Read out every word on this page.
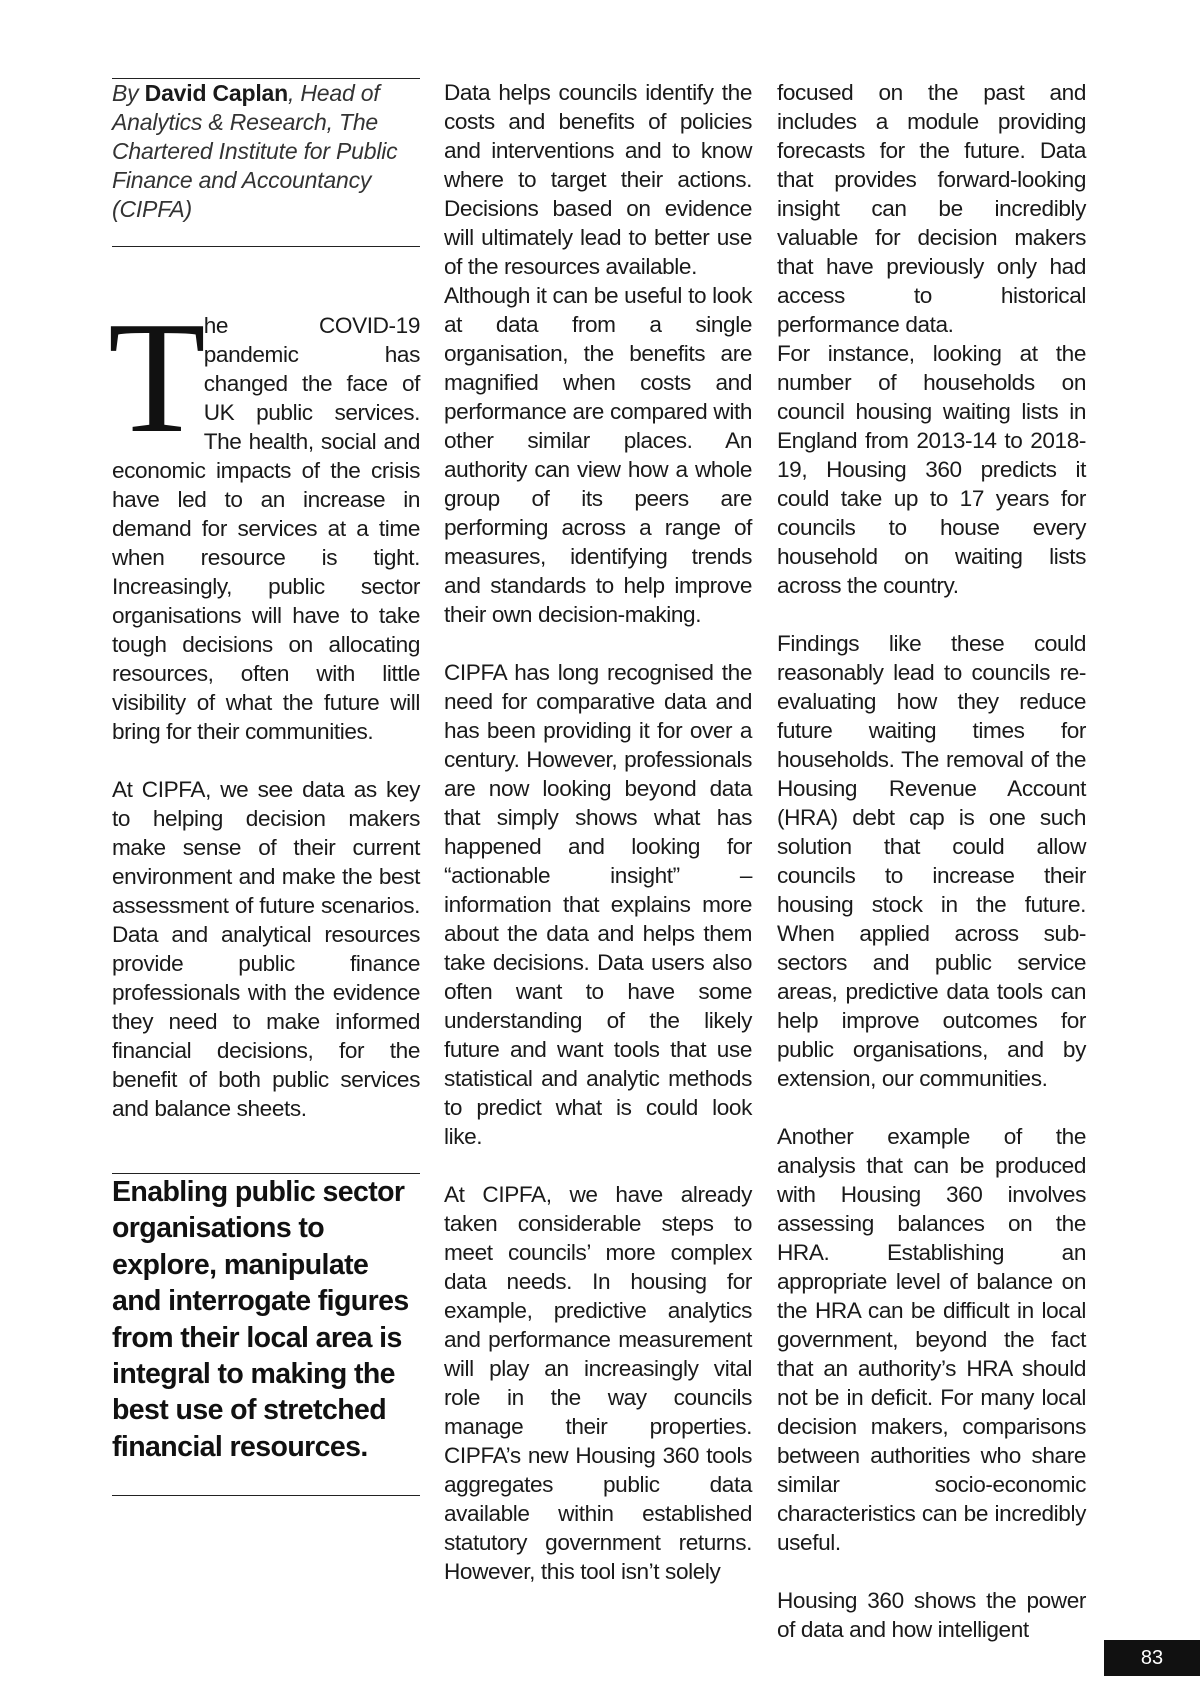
By David Caplan, Head of Analytics & Research, The Chartered Institute for Public Finance and Accountancy (CIPFA)

T he COVID-19 pandemic has changed the face of UK public services. The health, social and economic impacts of the crisis have led to an increase in demand for services at a time when resource is tight. Increasingly, public sector organisations will have to take tough decisions on allocating resources, often with little visibility of what the future will bring for their communities.

At CIPFA, we see data as key to helping decision makers make sense of their current environment and make the best assessment of future scenarios. Data and analytical resources provide public finance professionals with the evidence they need to make informed financial decisions, for the benefit of both public services and balance sheets.

Enabling public sector organisations to explore, manipulate and interrogate figures from their local area is integral to making the best use of stretched financial resources.

Data helps councils identify the costs and benefits of policies and interventions and to know where to target their actions. Decisions based on evidence will ultimately lead to better use of the resources available.

Although it can be useful to look at data from a single organisation, the benefits are magnified when costs and performance are compared with other similar places. An authority can view how a whole group of its peers are performing across a range of measures, identifying trends and standards to help improve their own decision-making.

CIPFA has long recognised the need for comparative data and has been providing it for over a century. However, professionals are now looking beyond data that simply shows what has happened and looking for “actionable insight” – information that explains more about the data and helps them take decisions. Data users also often want to have some understanding of the likely future and want tools that use statistical and analytic methods to predict what is could look like.

At CIPFA, we have already taken considerable steps to meet councils’ more complex data needs. In housing for example, predictive analytics and performance measurement will play an increasingly vital role in the way councils manage their properties. CIPFA’s new Housing 360 tools aggregates public data available within established statutory government returns. However, this tool isn’t solely

focused on the past and includes a module providing forecasts for the future. Data that provides forward-looking insight can be incredibly valuable for decision makers that have previously only had access to historical performance data.

For instance, looking at the number of households on council housing waiting lists in England from 2013-14 to 2018-19, Housing 360 predicts it could take up to 17 years for councils to house every household on waiting lists across the country.

Findings like these could reasonably lead to councils re-evaluating how they reduce future waiting times for households. The removal of the Housing Revenue Account (HRA) debt cap is one such solution that could allow councils to increase their housing stock in the future. When applied across sub-sectors and public service areas, predictive data tools can help improve outcomes for public organisations, and by extension, our communities.

Another example of the analysis that can be produced with Housing 360 involves assessing balances on the HRA. Establishing an appropriate level of balance on the HRA can be difficult in local government, beyond the fact that an authority’s HRA should not be in deficit. For many local decision makers, comparisons between authorities who share similar socio-economic characteristics can be incredibly useful.

Housing 360 shows the power of data and how intelligent

83
